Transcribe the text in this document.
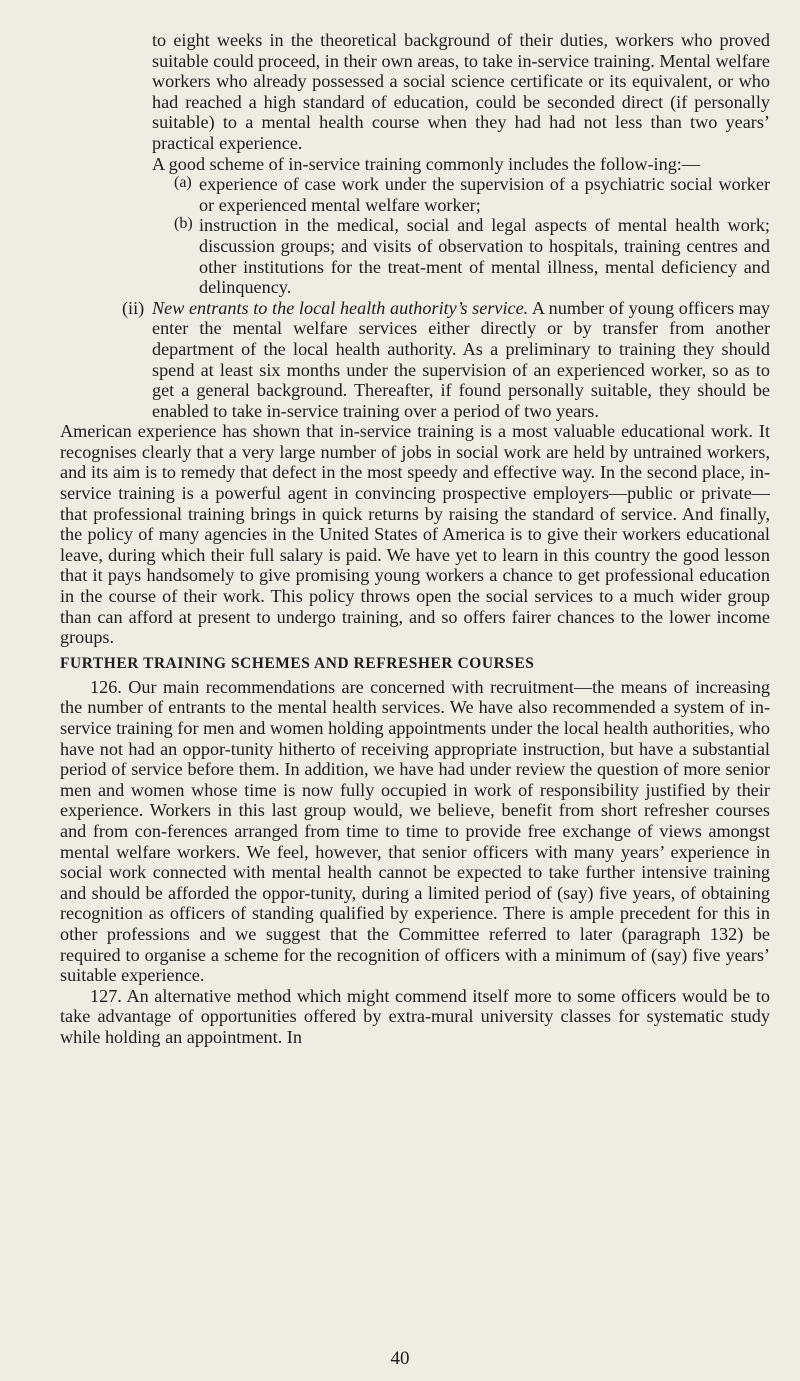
to eight weeks in the theoretical background of their duties, workers who proved suitable could proceed, in their own areas, to take in-service training. Mental welfare workers who already possessed a social science certificate or its equivalent, or who had reached a high standard of education, could be seconded direct (if personally suitable) to a mental health course when they had had not less than two years’ practical experience.

A good scheme of in-service training commonly includes the follow-ing:—

(a) experience of case work under the supervision of a psychiatric social worker or experienced mental welfare worker;

(b) instruction in the medical, social and legal aspects of mental health work; discussion groups; and visits of observation to hospitals, training centres and other institutions for the treat-ment of mental illness, mental deficiency and delinquency.

(ii) New entrants to the local health authority’s service. A number of young officers may enter the mental welfare services either directly or by transfer from another department of the local health authority. As a preliminary to training they should spend at least six months under the supervision of an experienced worker, so as to get a general background. Thereafter, if found personally suitable, they should be enabled to take in-service training over a period of two years.

American experience has shown that in-service training is a most valuable educational work. It recognises clearly that a very large number of jobs in social work are held by untrained workers, and its aim is to remedy that defect in the most speedy and effective way. In the second place, in-service training is a powerful agent in convincing prospective employers—public or private—that professional training brings in quick returns by raising the standard of service. And finally, the policy of many agencies in the United States of America is to give their workers educational leave, during which their full salary is paid. We have yet to learn in this country the good lesson that it pays handsomely to give promising young workers a chance to get professional education in the course of their work. This policy throws open the social services to a much wider group than can afford at present to undergo training, and so offers fairer chances to the lower income groups.

FURTHER TRAINING SCHEMES AND REFRESHER COURSES

126. Our main recommendations are concerned with recruitment—the means of increasing the number of entrants to the mental health services. We have also recommended a system of in-service training for men and women holding appointments under the local health authorities, who have not had an oppor-tunity hitherto of receiving appropriate instruction, but have a substantial period of service before them. In addition, we have had under review the question of more senior men and women whose time is now fully occupied in work of responsibility justified by their experience. Workers in this last group would, we believe, benefit from short refresher courses and from con-ferences arranged from time to time to provide free exchange of views amongst mental welfare workers. We feel, however, that senior officers with many years’ experience in social work connected with mental health cannot be expected to take further intensive training and should be afforded the oppor-tunity, during a limited period of (say) five years, of obtaining recognition as officers of standing qualified by experience. There is ample precedent for this in other professions and we suggest that the Committee referred to later (paragraph 132) be required to organise a scheme for the recognition of officers with a minimum of (say) five years’ suitable experience.

127. An alternative method which might commend itself more to some officers would be to take advantage of opportunities offered by extra-mural university classes for systematic study while holding an appointment. In

40
